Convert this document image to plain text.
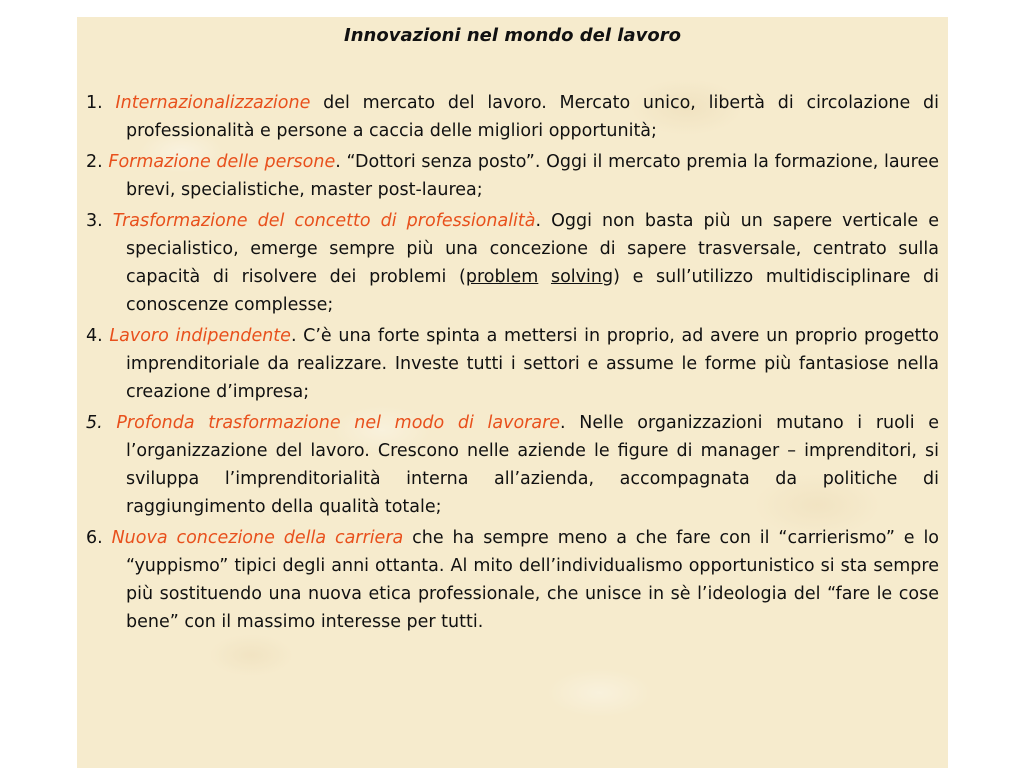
Innovazioni nel mondo del lavoro
1. Internazionalizzazione del mercato del lavoro. Mercato unico, libertà di circolazione di professionalità e persone a caccia delle migliori opportunità;
2. Formazione delle persone. “Dottori senza posto”. Oggi il mercato premia la formazione, lauree brevi, specialistiche, master post-laurea;
3. Trasformazione del concetto di professionalità. Oggi non basta più un sapere verticale e specialistico, emerge sempre più una concezione di sapere trasversale, centrato sulla capacità di risolvere dei problemi (problem solving) e sull’utilizzo multidisciplinare di conoscenze complesse;
4. Lavoro indipendente. C’è una forte spinta a mettersi in proprio, ad avere un proprio progetto imprenditoriale da realizzare. Investe tutti i settori e assume le forme più fantasiose nella creazione d’impresa;
5. Profonda trasformazione nel modo di lavorare. Nelle organizzazioni mutano i ruoli e l’organizzazione del lavoro. Crescono nelle aziende le figure di manager – imprenditori, si sviluppa l’imprenditorialità interna all’azienda, accompagnata da politiche di raggiungimento della qualità totale;
6. Nuova concezione della carriera che ha sempre meno a che fare con il “carrierismo” e lo “yuppismo” tipici degli anni ottanta. Al mito dell’individualismo opportunistico si sta sempre più sostituendo una nuova etica professionale, che unisce in sè l’ideologia del “fare le cose bene” con il massimo interesse per tutti.
